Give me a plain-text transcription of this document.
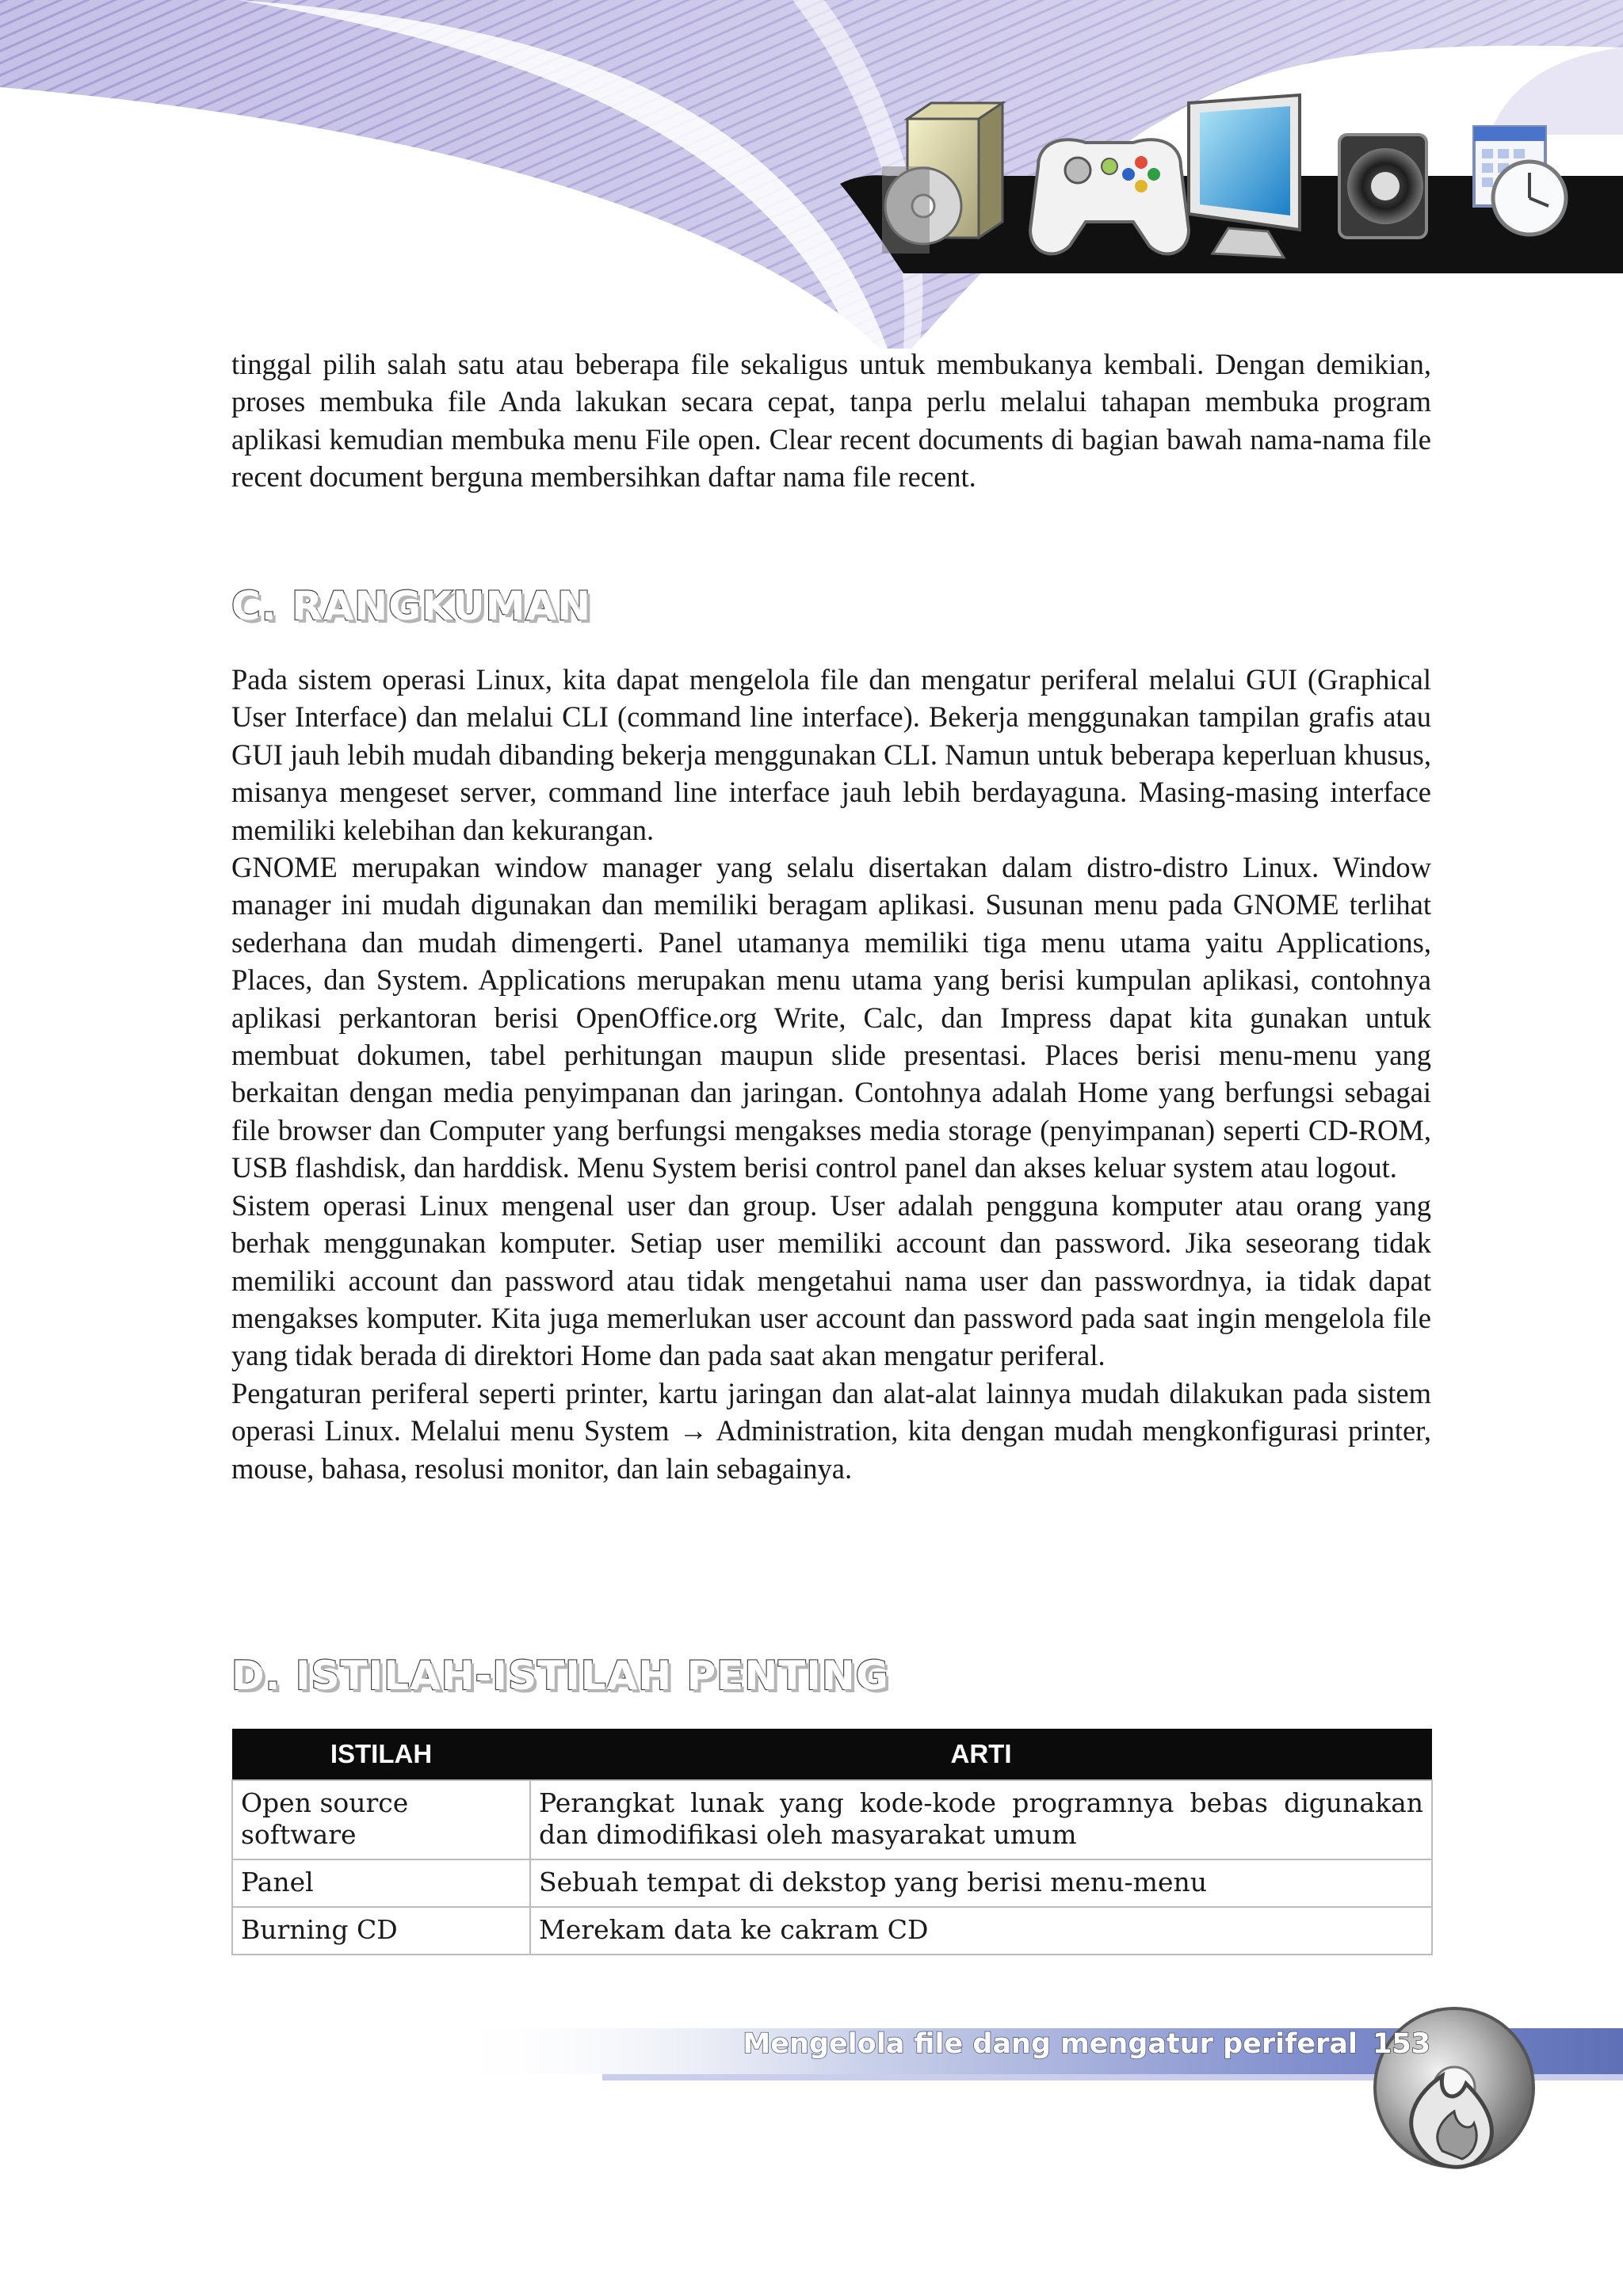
tinggal pilih salah satu atau beberapa file sekaligus untuk membukanya kembali. Dengan demikian, proses membuka file Anda lakukan secara cepat, tanpa perlu melalui tahapan membuka program aplikasi kemudian membuka menu File open. Clear recent documents di bagian bawah nama-nama file recent document berguna membersihkan daftar nama file recent.

C. RANGKUMAN

Pada sistem operasi Linux, kita dapat mengelola file dan mengatur periferal melalui GUI (Graphical User Interface) dan melalui CLI (command line interface). Bekerja menggunakan tampilan grafis atau GUI jauh lebih mudah dibanding bekerja menggunakan CLI. Namun untuk beberapa keperluan khusus, misanya mengeset server, command line interface jauh lebih berdayaguna. Masing-masing interface memiliki kelebihan dan kekurangan.

GNOME merupakan window manager yang selalu disertakan dalam distro-distro Linux. Window manager ini mudah digunakan dan memiliki beragam aplikasi. Susunan menu pada GNOME terlihat sederhana dan mudah dimengerti. Panel utamanya memiliki tiga menu utama yaitu Applications, Places, dan System. Applications merupakan menu utama yang berisi kumpulan aplikasi, contohnya aplikasi perkantoran berisi OpenOffice.org Write, Calc, dan Impress dapat kita gunakan untuk membuat dokumen, tabel perhitungan maupun slide presentasi. Places berisi menu-menu yang berkaitan dengan media penyimpanan dan jaringan. Contohnya adalah Home yang berfungsi sebagai file browser dan Computer yang berfungsi mengakses media storage (penyimpanan) seperti CD-ROM, USB flashdisk, dan harddisk. Menu System berisi control panel dan akses keluar system atau logout.

Sistem operasi Linux mengenal user dan group. User adalah pengguna komputer atau orang yang berhak menggunakan komputer. Setiap user memiliki account dan password. Jika seseorang tidak memiliki account dan password atau tidak mengetahui nama user dan passwordnya, ia tidak dapat mengakses komputer. Kita juga memerlukan user account dan password pada saat ingin mengelola file yang tidak berada di direktori Home dan pada saat akan mengatur periferal.

Pengaturan periferal seperti printer, kartu jaringan dan alat-alat lainnya mudah dilakukan pada sistem operasi Linux. Melalui menu System → Administration, kita dengan mudah mengkonfigurasi printer, mouse, bahasa, resolusi monitor, dan lain sebagainya.

D. ISTILAH-ISTILAH PENTING
ISTILAH	ARTI
Open source software	Perangkat lunak yang kode-kode programnya bebas digunakan dan dimodifikasi oleh masyarakat umum
Panel	Sebuah tempat di dekstop yang berisi menu-menu
Burning CD	Merekam data ke cakram CD

Mengelola file dang mengatur periferal 153
